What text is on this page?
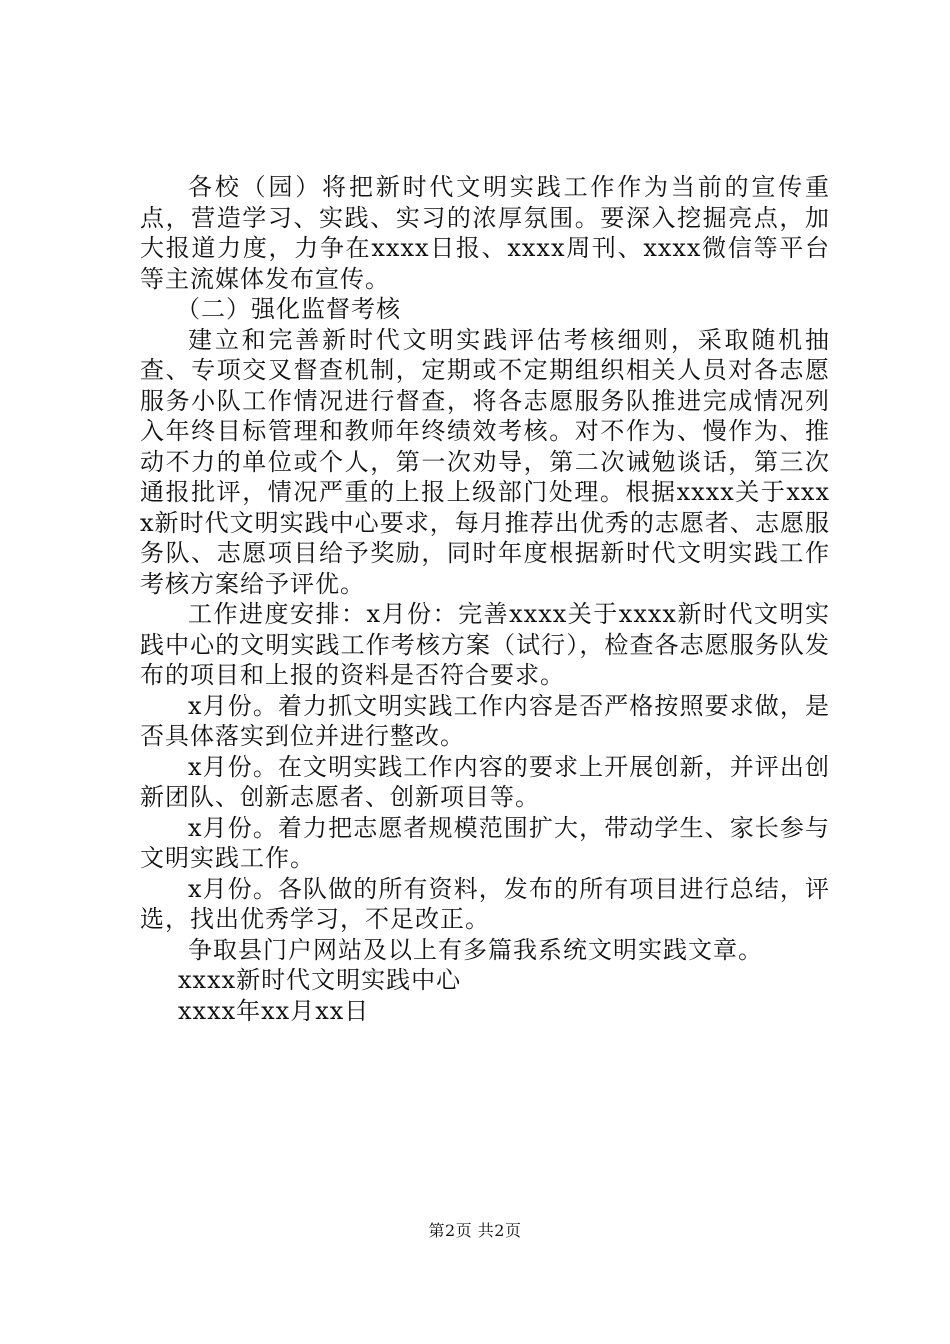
各校（园）将把新时代文明实践工作作为当前的宣传重点，营造学习、实践、实习的浓厚氛围。要深入挖掘亮点，加大报道力度，力争在xxxx日报、xxxx周刊、xxxx微信等平台等主流媒体发布宣传。

（二）强化监督考核

建立和完善新时代文明实践评估考核细则，采取随机抽查、专项交叉督查机制，定期或不定期组织相关人员对各志愿服务小队工作情况进行督查，将各志愿服务队推进完成情况列入年终目标管理和教师年终绩效考核。对不作为、慢作为、推动不力的单位或个人，第一次劝导，第二次诫勉谈话，第三次通报批评，情况严重的上报上级部门处理。根据xxxx关于xxxx新时代文明实践中心要求，每月推荐出优秀的志愿者、志愿服务队、志愿项目给予奖励，同时年度根据新时代文明实践工作考核方案给予评优。

工作进度安排：x月份：完善xxxx关于xxxx新时代文明实践中心的文明实践工作考核方案（试行），检查各志愿服务队发布的项目和上报的资料是否符合要求。

x月份。着力抓文明实践工作内容是否严格按照要求做，是否具体落实到位并进行整改。

x月份。在文明实践工作内容的要求上开展创新，并评出创新团队、创新志愿者、创新项目等。

x月份。着力把志愿者规模范围扩大，带动学生、家长参与文明实践工作。

x月份。各队做的所有资料，发布的所有项目进行总结，评选，找出优秀学习，不足改正。

争取县门户网站及以上有多篇我系统文明实践文章。

xxxx新时代文明实践中心

xxxx年xx月xx日

第2页 共2页
